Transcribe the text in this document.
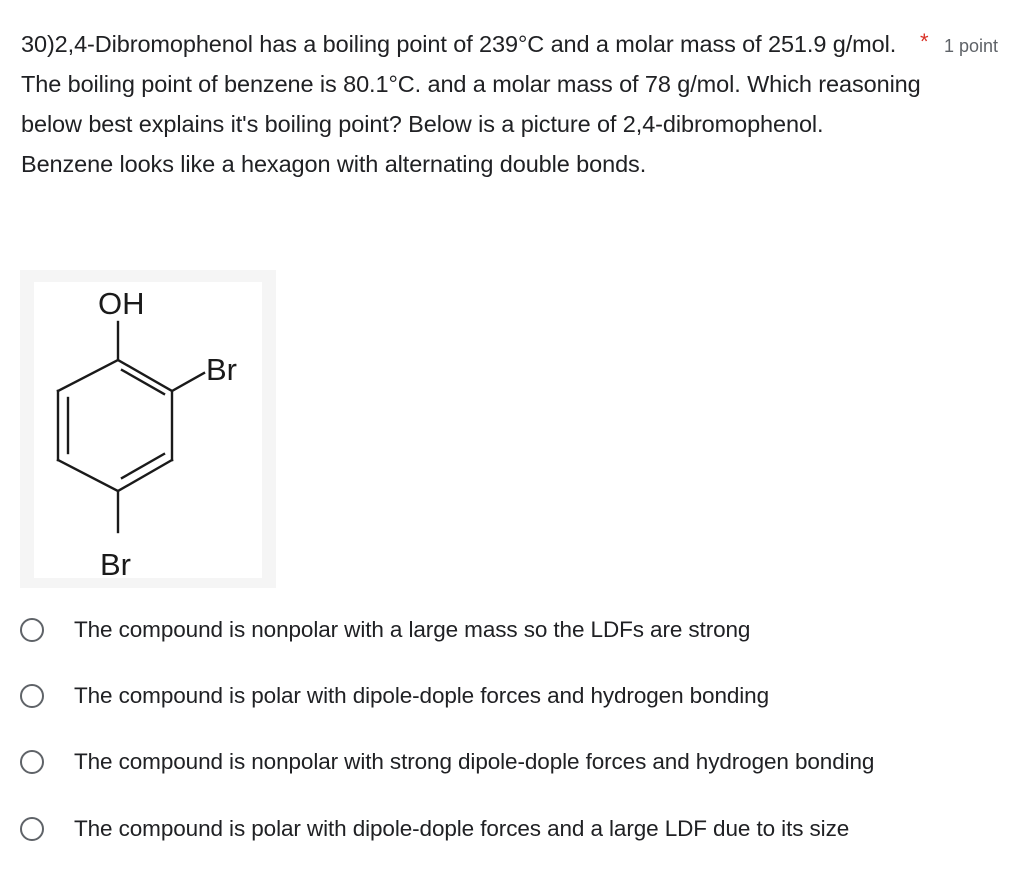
30)2,4-Dibromophenol has a boiling point of 239°C and a molar mass of 251.9 g/mol. The boiling point of benzene is 80.1°C. and a molar mass of 78 g/mol. Which reasoning below best explains it's boiling point? Below is a picture of 2,4-dibromophenol. Benzene looks like a hexagon with alternating double bonds.
* 1 point
OH
Br
Br
The compound is nonpolar with a large mass so the LDFs are strong
The compound is polar with dipole-dople forces and hydrogen bonding
The compound is nonpolar with strong dipole-dople forces and hydrogen bonding
The compound is polar with dipole-dople forces and a large LDF due to its size
